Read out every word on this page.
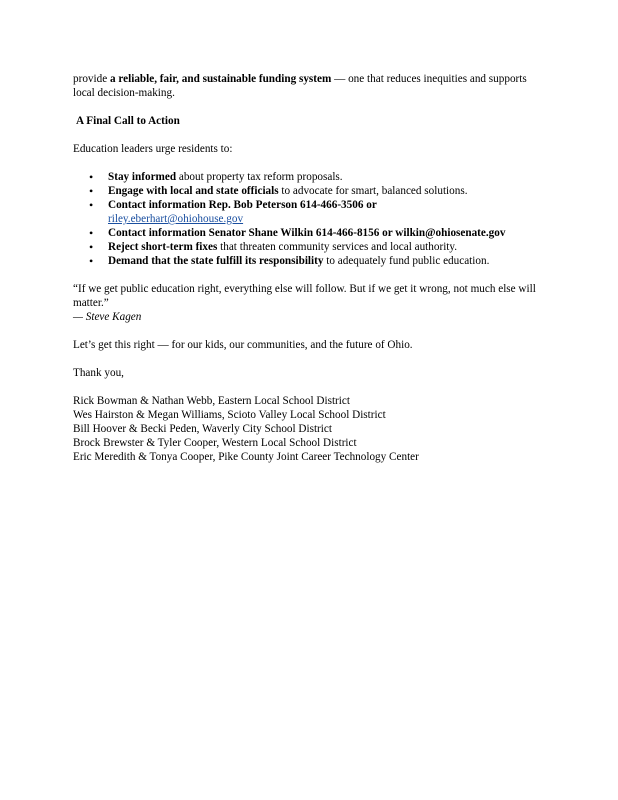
provide a reliable, fair, and sustainable funding system — one that reduces inequities and supports local decision-making.

A Final Call to Action

Education leaders urge residents to:

• Stay informed about property tax reform proposals.
• Engage with local and state officials to advocate for smart, balanced solutions.
• Contact information Rep. Bob Peterson 614-466-3506 or
riley.eberhart@ohiohouse.gov
• Contact information Senator Shane Wilkin 614-466-8156 or wilkin@ohiosenate.gov
• Reject short-term fixes that threaten community services and local authority.
• Demand that the state fulfill its responsibility to adequately fund public education.

“If we get public education right, everything else will follow. But if we get it wrong, not much else will matter.”

— Steve Kagen

Let’s get this right — for our kids, our communities, and the future of Ohio.

Thank you,

Rick Bowman & Nathan Webb, Eastern Local School District

Wes Hairston & Megan Williams, Scioto Valley Local School District

Bill Hoover & Becki Peden, Waverly City School District

Brock Brewster & Tyler Cooper, Western Local School District

Eric Meredith & Tonya Cooper, Pike County Joint Career Technology Center
